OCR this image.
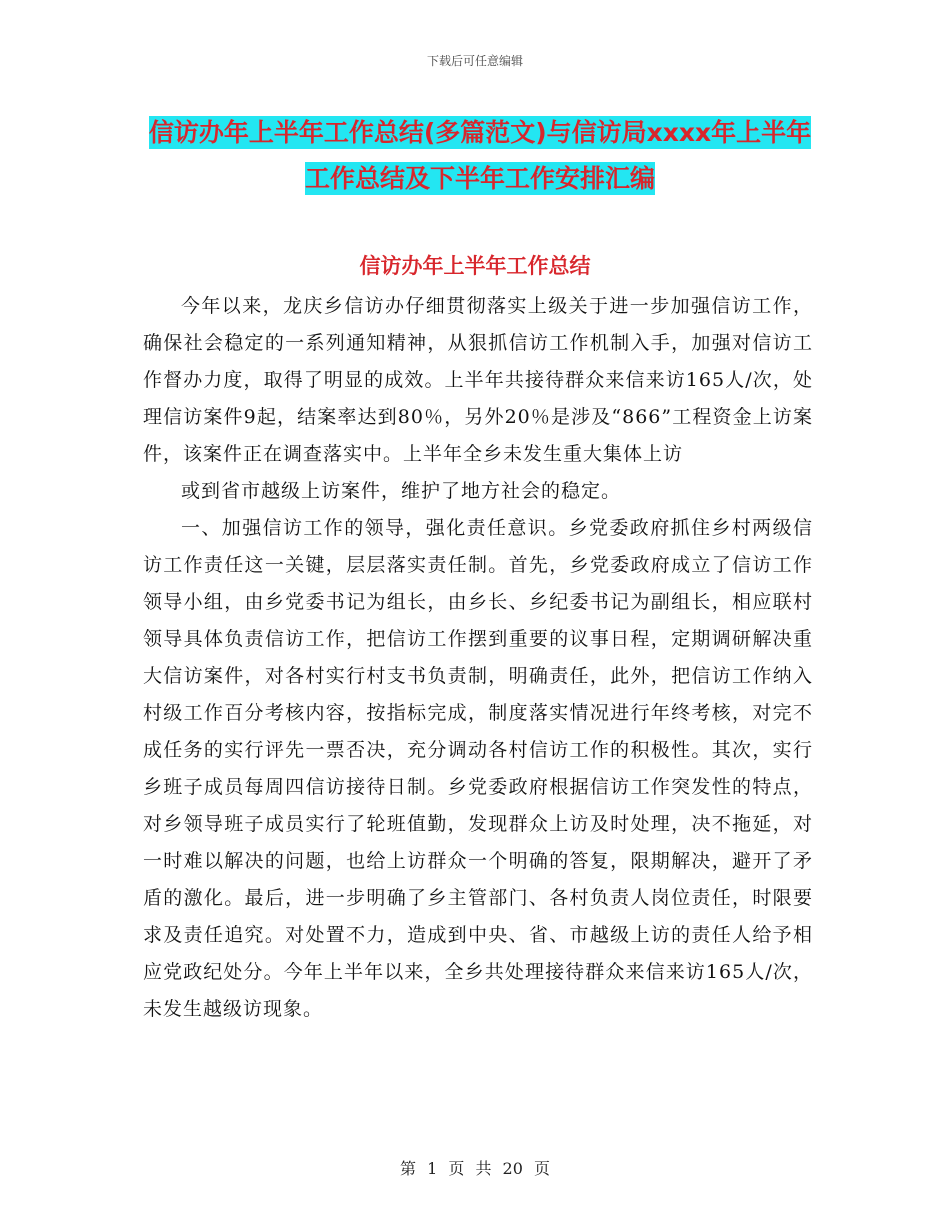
下载后可任意编辑
信访办年上半年工作总结(多篇范文)与信访局xxxx年上半年工作总结及下半年工作安排汇编
信访办年上半年工作总结

今年以来，龙庆乡信访办仔细贯彻落实上级关于进一步加强信访工作，确保社会稳定的一系列通知精神，从狠抓信访工作机制入手，加强对信访工作督办力度，取得了明显的成效。上半年共接待群众来信来访165人/次，处理信访案件9起，结案率达到80％，另外20％是涉及“866”工程资金上访案件，该案件正在调查落实中。上半年全乡未发生重大集体上访

或到省市越级上访案件，维护了地方社会的稳定。

一、加强信访工作的领导，强化责任意识。乡党委政府抓住乡村两级信访工作责任这一关键，层层落实责任制。首先，乡党委政府成立了信访工作领导小组，由乡党委书记为组长，由乡长、乡纪委书记为副组长，相应联村领导具体负责信访工作，把信访工作摆到重要的议事日程，定期调研解决重大信访案件，对各村实行村支书负责制，明确责任，此外，把信访工作纳入村级工作百分考核内容，按指标完成，制度落实情况进行年终考核，对完不成任务的实行评先一票否决，充分调动各村信访工作的积极性。其次，实行乡班子成员每周四信访接待日制。乡党委政府根据信访工作突发性的特点，对乡领导班子成员实行了轮班值勤，发现群众上访及时处理，决不拖延，对一时难以解决的问题，也给上访群众一个明确的答复，限期解决，避开了矛盾的激化。最后，进一步明确了乡主管部门、各村负责人岗位责任，时限要求及责任追究。对处置不力，造成到中央、省、市越级上访的责任人给予相应党政纪处分。今年上半年以来，全乡共处理接待群众来信来访165人/次，未发生越级访现象。

第 1 页 共 20 页
